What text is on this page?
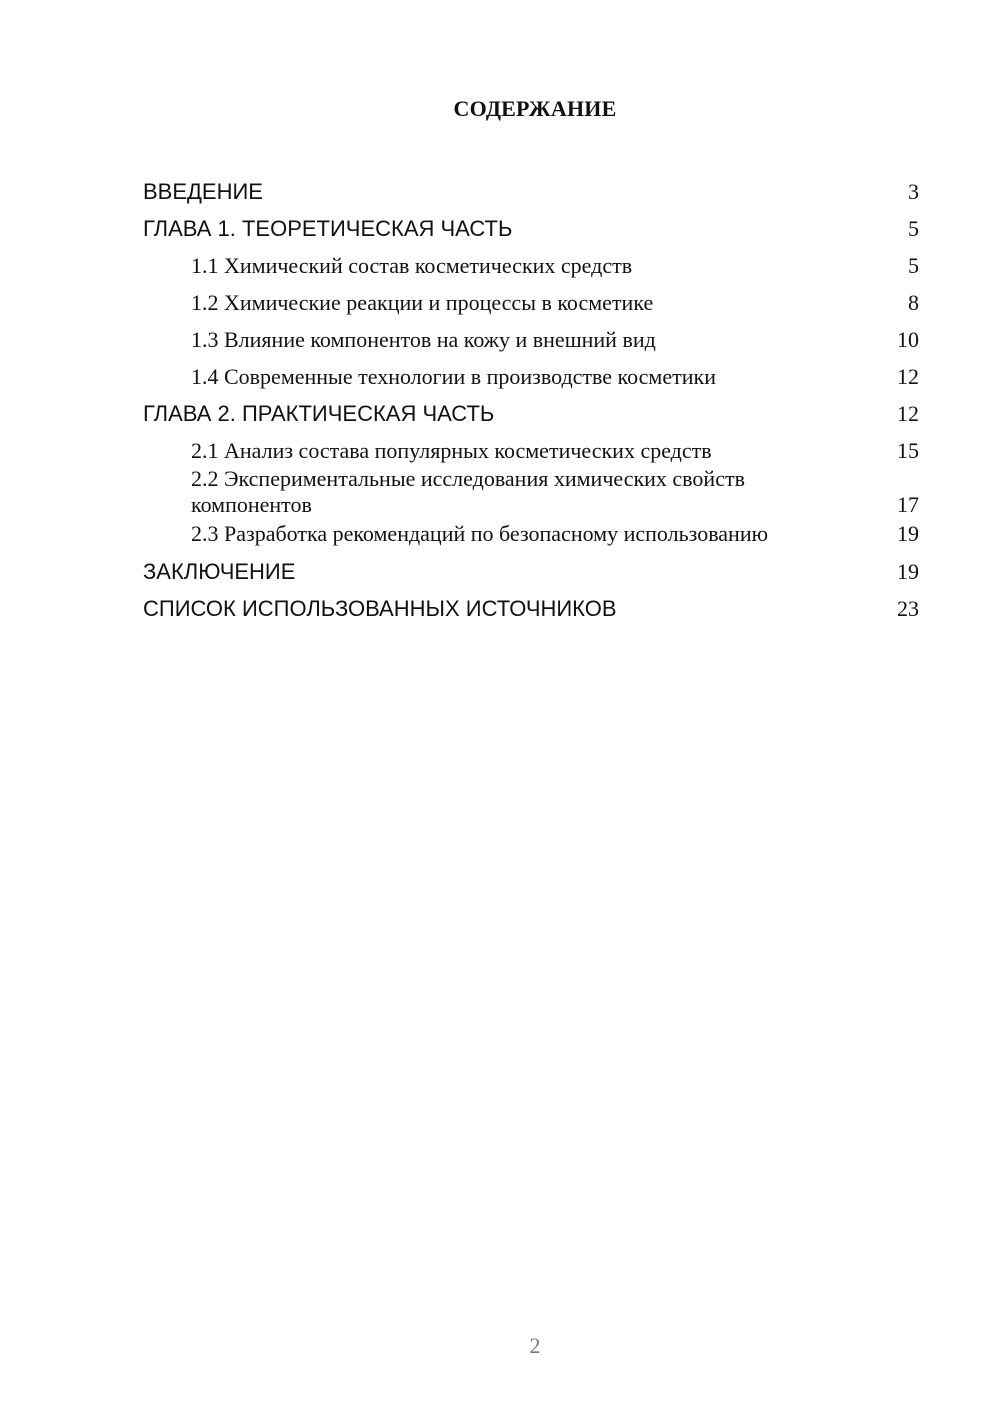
СОДЕРЖАНИЕ
ВВЕДЕНИЕ	3
ГЛАВА 1. ТЕОРЕТИЧЕСКАЯ ЧАСТЬ	5
1.1 Химический состав косметических средств	5
1.2 Химические реакции и процессы в косметике	8
1.3 Влияние компонентов на кожу и внешний вид	10
1.4 Современные технологии в производстве косметики	12
ГЛАВА 2. ПРАКТИЧЕСКАЯ ЧАСТЬ	12
2.1 Анализ состава популярных косметических средств	15
2.2 Экспериментальные исследования химических свойств компонентов	17
2.3 Разработка рекомендаций по безопасному использованию	19
ЗАКЛЮЧЕНИЕ	19
СПИСОК ИСПОЛЬЗОВАННЫХ ИСТОЧНИКОВ	23
2
